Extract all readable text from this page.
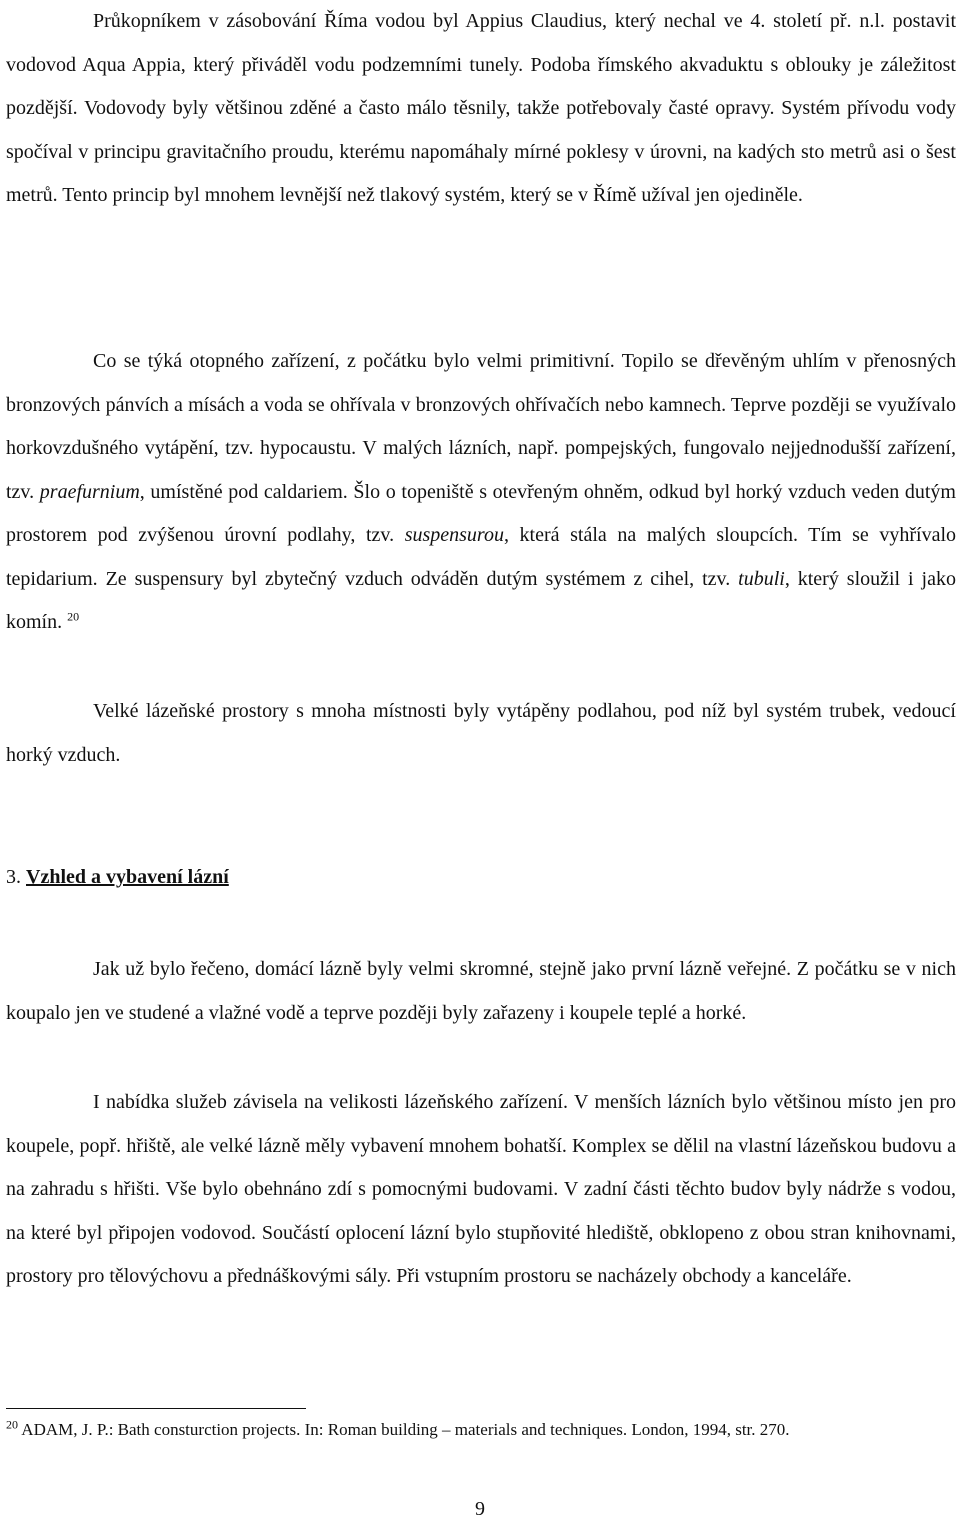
Průkopníkem v zásobování Říma vodou byl Appius Claudius, který nechal ve 4. století př. n.l. postavit vodovod Aqua Appia, který přiváděl vodu podzemními tunely. Podoba římského akvaduktu s oblouky je záležitost pozdější. Vodovody byly většinou zděné a často málo těsnily, takže potřebovaly časté opravy. Systém přívodu vody spočíval v principu gravitačního proudu, kterému napomáhaly mírné poklesy v úrovni, na kadých sto metrů asi o šest metrů. Tento princip byl mnohem levnější než tlakový systém, který se v Římě užíval jen ojediněle.

Co se týká otopného zařízení, z počátku bylo velmi primitivní. Topilo se dřevěným uhlím v přenosných bronzových pánvích a mísách a voda se ohřívala v bronzových ohřívačích nebo kamnech. Teprve později se využívalo horkovzdušného vytápění, tzv. hypocaustu. V malých lázních, např. pompejských, fungovalo nejjednodušší zařízení, tzv. praefurnium, umístěné pod caldariem. Šlo o topeniště s otevřeným ohněm, odkud byl horký vzduch veden dutým prostorem pod zvýšenou úrovní podlahy, tzv. suspensurou, která stála na malých sloupcích. Tím se vyhřívalo tepidarium. Ze suspensury byl zbytečný vzduch odváděn dutým systémem z cihel, tzv. tubuli, který sloužil i jako komín. $^{20}$

Velké lázeňské prostory s mnoha místnosti byly vytápěny podlahou, pod níž byl systém trubek, vedoucí horký vzduch.

3. Vzhled a vybavení lázní

Jak už bylo řečeno, domácí lázně byly velmi skromné, stejně jako první lázně veřejné. Z počátku se v nich koupalo jen ve studené a vlažné vodě a teprve později byly zařazeny i koupele teplé a horké.

I nabídka služeb závisela na velikosti lázeňského zařízení. V menších lázních bylo většinou místo jen pro koupele, popř. hřiště, ale velké lázně měly vybavení mnohem bohatší. Komplex se dělil na vlastní lázeňskou budovu a na zahradu s hřišti. Vše bylo obehnáno zdí s pomocnými budovami. V zadní části těchto budov byly nádrže s vodou, na které byl připojen vodovod. Součástí oplocení lázní bylo stupňovité hlediště, obklopeno z obou stran knihovnami, prostory pro tělovýchovu a přednáškovými sály. Při vstupním prostoru se nacházely obchody a kanceláře.

$^{20}$ ADAM, J. P.: Bath consturction projects. In: Roman building – materials and techniques. London, 1994, str. 270.
9
